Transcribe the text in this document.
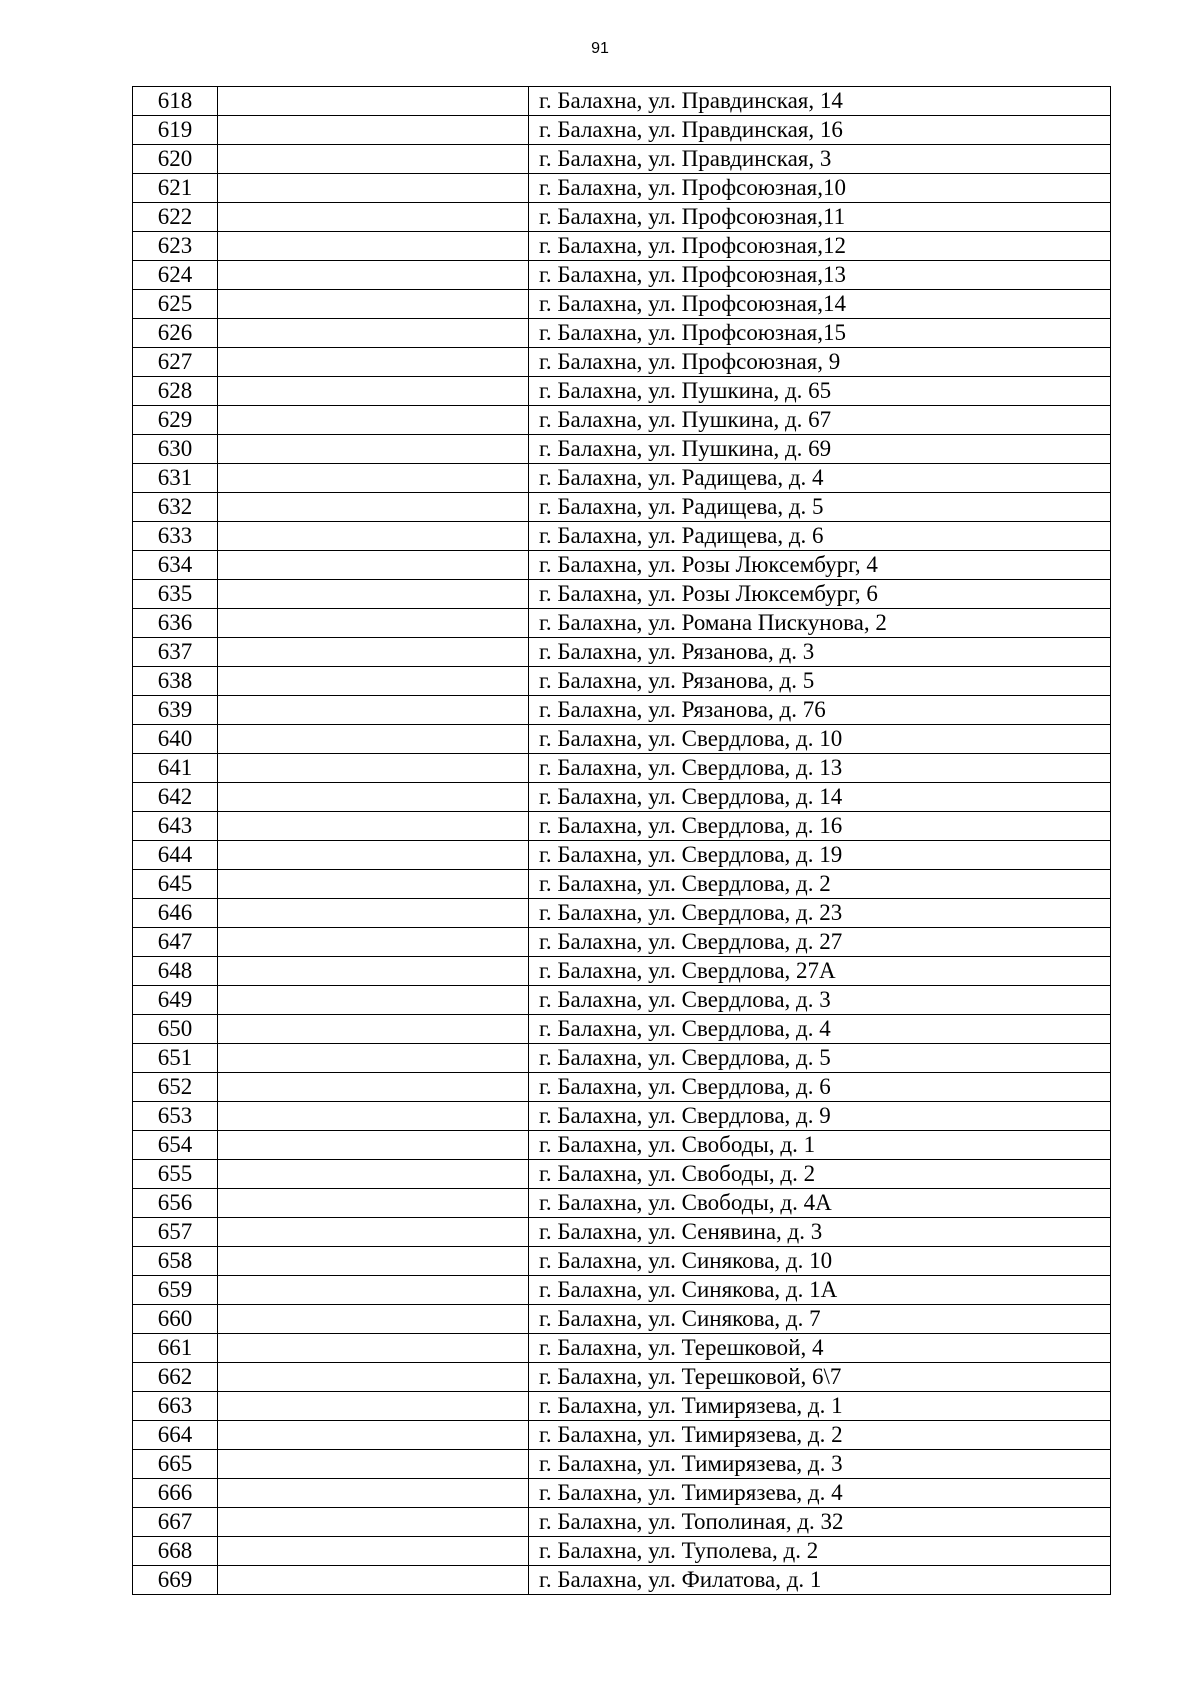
91
618		г. Балахна, ул. Правдинская, 14
619		г. Балахна, ул. Правдинская, 16
620		г. Балахна, ул. Правдинская, 3
621		г. Балахна, ул. Профсоюзная,10
622		г. Балахна, ул. Профсоюзная,11
623		г. Балахна, ул. Профсоюзная,12
624		г. Балахна, ул. Профсоюзная,13
625		г. Балахна, ул. Профсоюзная,14
626		г. Балахна, ул. Профсоюзная,15
627		г. Балахна, ул. Профсоюзная, 9
628		г. Балахна, ул. Пушкина, д. 65
629		г. Балахна, ул. Пушкина, д. 67
630		г. Балахна, ул. Пушкина, д. 69
631		г. Балахна, ул. Радищева, д. 4
632		г. Балахна, ул. Радищева, д. 5
633		г. Балахна, ул. Радищева, д. 6
634		г. Балахна, ул. Розы Люксембург, 4
635		г. Балахна, ул. Розы Люксембург, 6
636		г. Балахна, ул. Романа Пискунова, 2
637		г. Балахна, ул. Рязанова, д. 3
638		г. Балахна, ул. Рязанова, д. 5
639		г. Балахна, ул. Рязанова, д. 76
640		г. Балахна, ул. Свердлова, д. 10
641		г. Балахна, ул. Свердлова, д. 13
642		г. Балахна, ул. Свердлова, д. 14
643		г. Балахна, ул. Свердлова, д. 16
644		г. Балахна, ул. Свердлова, д. 19
645		г. Балахна, ул. Свердлова, д. 2
646		г. Балахна, ул. Свердлова, д. 23
647		г. Балахна, ул. Свердлова, д. 27
648		г. Балахна, ул. Свердлова, 27А
649		г. Балахна, ул. Свердлова, д. 3
650		г. Балахна, ул. Свердлова, д. 4
651		г. Балахна, ул. Свердлова, д. 5
652		г. Балахна, ул. Свердлова, д. 6
653		г. Балахна, ул. Свердлова, д. 9
654		г. Балахна, ул. Свободы, д. 1
655		г. Балахна, ул. Свободы, д. 2
656		г. Балахна, ул. Свободы, д. 4А
657		г. Балахна, ул. Сенявина, д. 3
658		г. Балахна, ул. Синякова, д. 10
659		г. Балахна, ул. Синякова, д. 1А
660		г. Балахна, ул. Синякова, д. 7
661		г. Балахна, ул. Терешковой, 4
662		г. Балахна, ул. Терешковой, 6\7
663		г. Балахна, ул. Тимирязева, д. 1
664		г. Балахна, ул. Тимирязева, д. 2
665		г. Балахна, ул. Тимирязева, д. 3
666		г. Балахна, ул. Тимирязева, д. 4
667		г. Балахна, ул. Тополиная, д. 32
668		г. Балахна, ул. Туполева, д. 2
669		г. Балахна, ул. Филатова, д. 1
